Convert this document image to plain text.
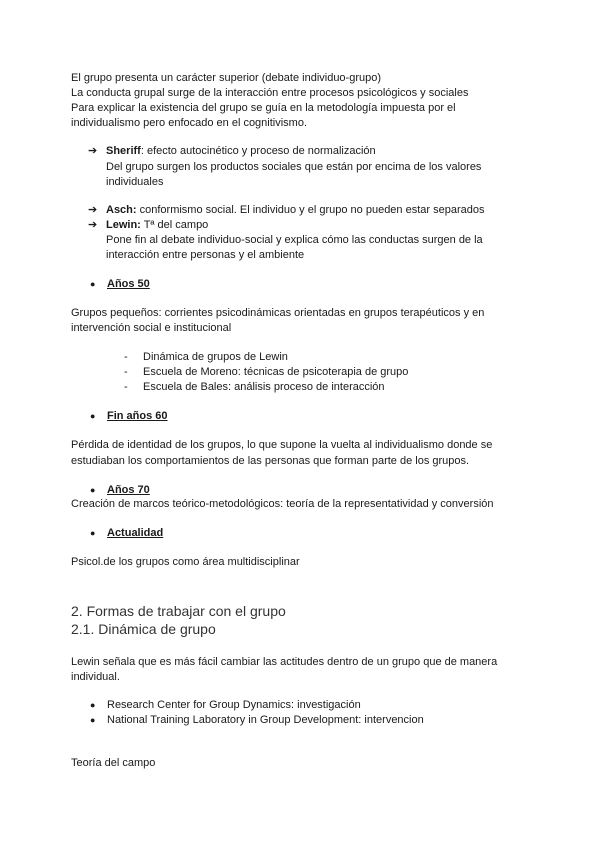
El grupo presenta un carácter superior (debate individuo-grupo)
La conducta grupal surge de la interacción entre procesos psicológicos y sociales
Para explicar la existencia del grupo se guía en la metodología impuesta por el
individualismo pero enfocado en el cognitivismo.
➔ Sheriff: efecto autocinético y proceso de normalización
Del grupo surgen los productos sociales que están por encima de los valores
individuales
➔ Asch: conformismo social. El individuo y el grupo no pueden estar separados
➔ Lewin: Tª del campo
Pone fin al debate individuo-social y explica cómo las conductas surgen de la
interacción entre personas y el ambiente
● Años 50
Grupos pequeños: corrientes psicodinámicas orientadas en grupos terapéuticos y en
intervención social e institucional
- Dinámica de grupos de Lewin
- Escuela de Moreno: técnicas de psicoterapia de grupo
- Escuela de Bales: análisis proceso de interacción
● Fin años 60
Pérdida de identidad de los grupos, lo que supone la vuelta al individualismo donde se
estudiaban los comportamientos de las personas que forman parte de los grupos.
● Años 70
Creación de marcos teórico-metodológicos: teoría de la representatividad y conversión
● Actualidad
Psicol.de los grupos como área multidisciplinar
2. Formas de trabajar con el grupo
2.1. Dinámica de grupo
Lewin señala que es más fácil cambiar las actitudes dentro de un grupo que de manera
individual.
● Research Center for Group Dynamics: investigación
● National Training Laboratory in Group Development: intervencion
Teoría del campo
